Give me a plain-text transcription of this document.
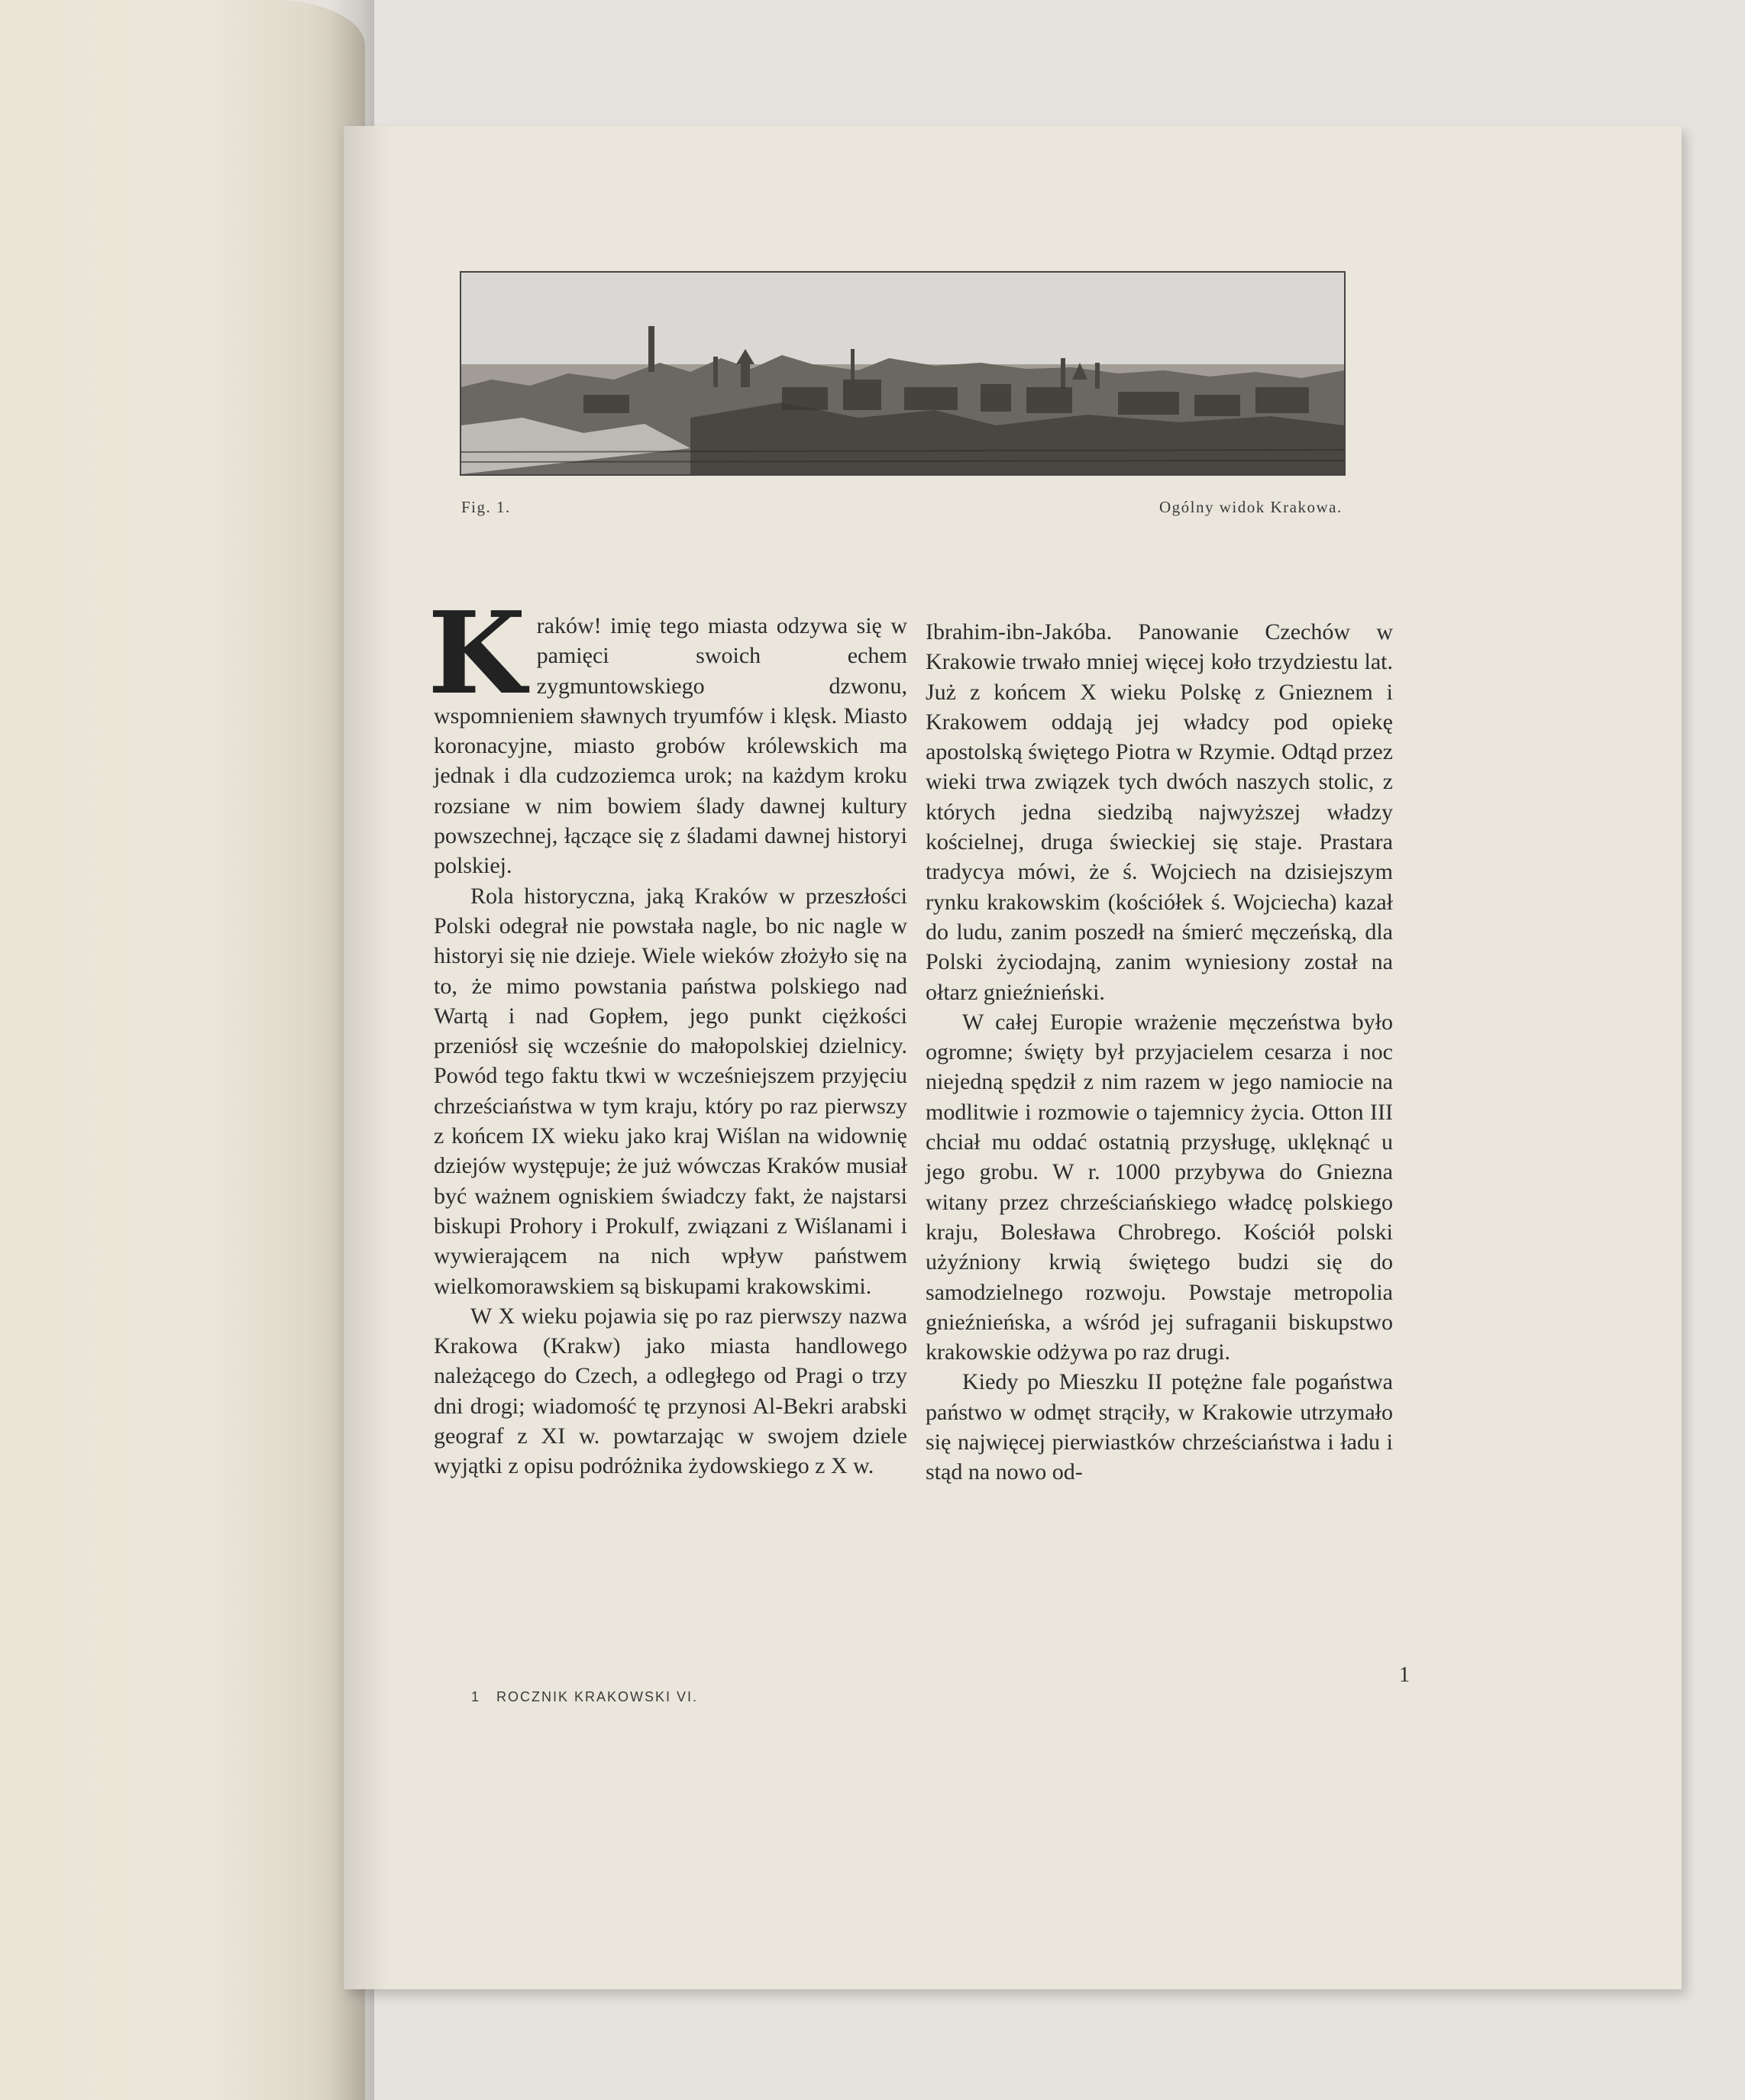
Fig. 1.	Ogólny widok Krakowa.

Kraków! imię tego miasta odzywa się w pamięci swoich echem zygmuntowskiego dzwonu, wspomnieniem sławnych tryumfów i klęsk. Miasto koronacyjne, miasto grobów królewskich ma jednak i dla cudzoziemca urok; na każdym kroku rozsiane w nim bowiem ślady dawnej kultury powszechnej, łączące się z śladami dawnej historyi polskiej.

Rola historyczna, jaką Kraków w przeszłości Polski odegrał nie powstała nagle, bo nic nagle w historyi się nie dzieje. Wiele wieków złożyło się na to, że mimo powstania państwa polskiego nad Wartą i nad Gopłem, jego punkt ciężkości przeniósł się wcześnie do małopolskiej dzielnicy. Powód tego faktu tkwi w wcześniejszem przyjęciu chrześciaństwa w tym kraju, który po raz pierwszy z końcem IX wieku jako kraj Wiślan na widownię dziejów występuje; że już wówczas Kraków musiał być ważnem ogniskiem świadczy fakt, że najstarsi biskupi Prohory i Prokulf, związani z Wiślanami i wywierającem na nich wpływ państwem wielkomorawskiem są biskupami krakowskimi.

W X wieku pojawia się po raz pierwszy nazwa Krakowa (Krakw) jako miasta handlowego należącego do Czech, a odległego od Pragi o trzy dni drogi; wiadomość tę przynosi Al-Bekri arabski geograf z XI w. powtarzając w swojem dziele wyjątki z opisu podróżnika żydowskiego z X w.

Ibrahim-ibn-Jakóba. Panowanie Czechów w Krakowie trwało mniej więcej koło trzydziestu lat. Już z końcem X wieku Polskę z Gnieznem i Krakowem oddają jej władcy pod opiekę apostolską świętego Piotra w Rzymie. Odtąd przez wieki trwa związek tych dwóch naszych stolic, z których jedna siedzibą najwyższej władzy kościelnej, druga świeckiej się staje. Prastara tradycya mówi, że ś. Wojciech na dzisiejszym rynku krakowskim (kościółek ś. Wojciecha) kazał do ludu, zanim poszedł na śmierć męczeńską, dla Polski życiodajną, zanim wyniesiony został na ołtarz gnieźnieński.

W całej Europie wrażenie męczeństwa było ogromne; święty był przyjacielem cesarza i noc niejedną spędził z nim razem w jego namiocie na modlitwie i rozmowie o tajemnicy życia. Otton III chciał mu oddać ostatnią przysługę, uklęknąć u jego grobu. W r. 1000 przybywa do Gniezna witany przez chrześciańskiego władcę polskiego kraju, Bolesława Chrobrego. Kościół polski użyźniony krwią świętego budzi się do samodzielnego rozwoju. Powstaje metropolia gnieźnieńska, a wśród jej sufraganii biskupstwo krakowskie odżywa po raz drugi.

Kiedy po Mieszku II potężne fale pogaństwa państwo w odmęt strąciły, w Krakowie utrzymało się najwięcej pierwiastków chrześciaństwa i ładu i stąd na nowo od-

1 ROCZNIK KRAKOWSKI VI.
1
